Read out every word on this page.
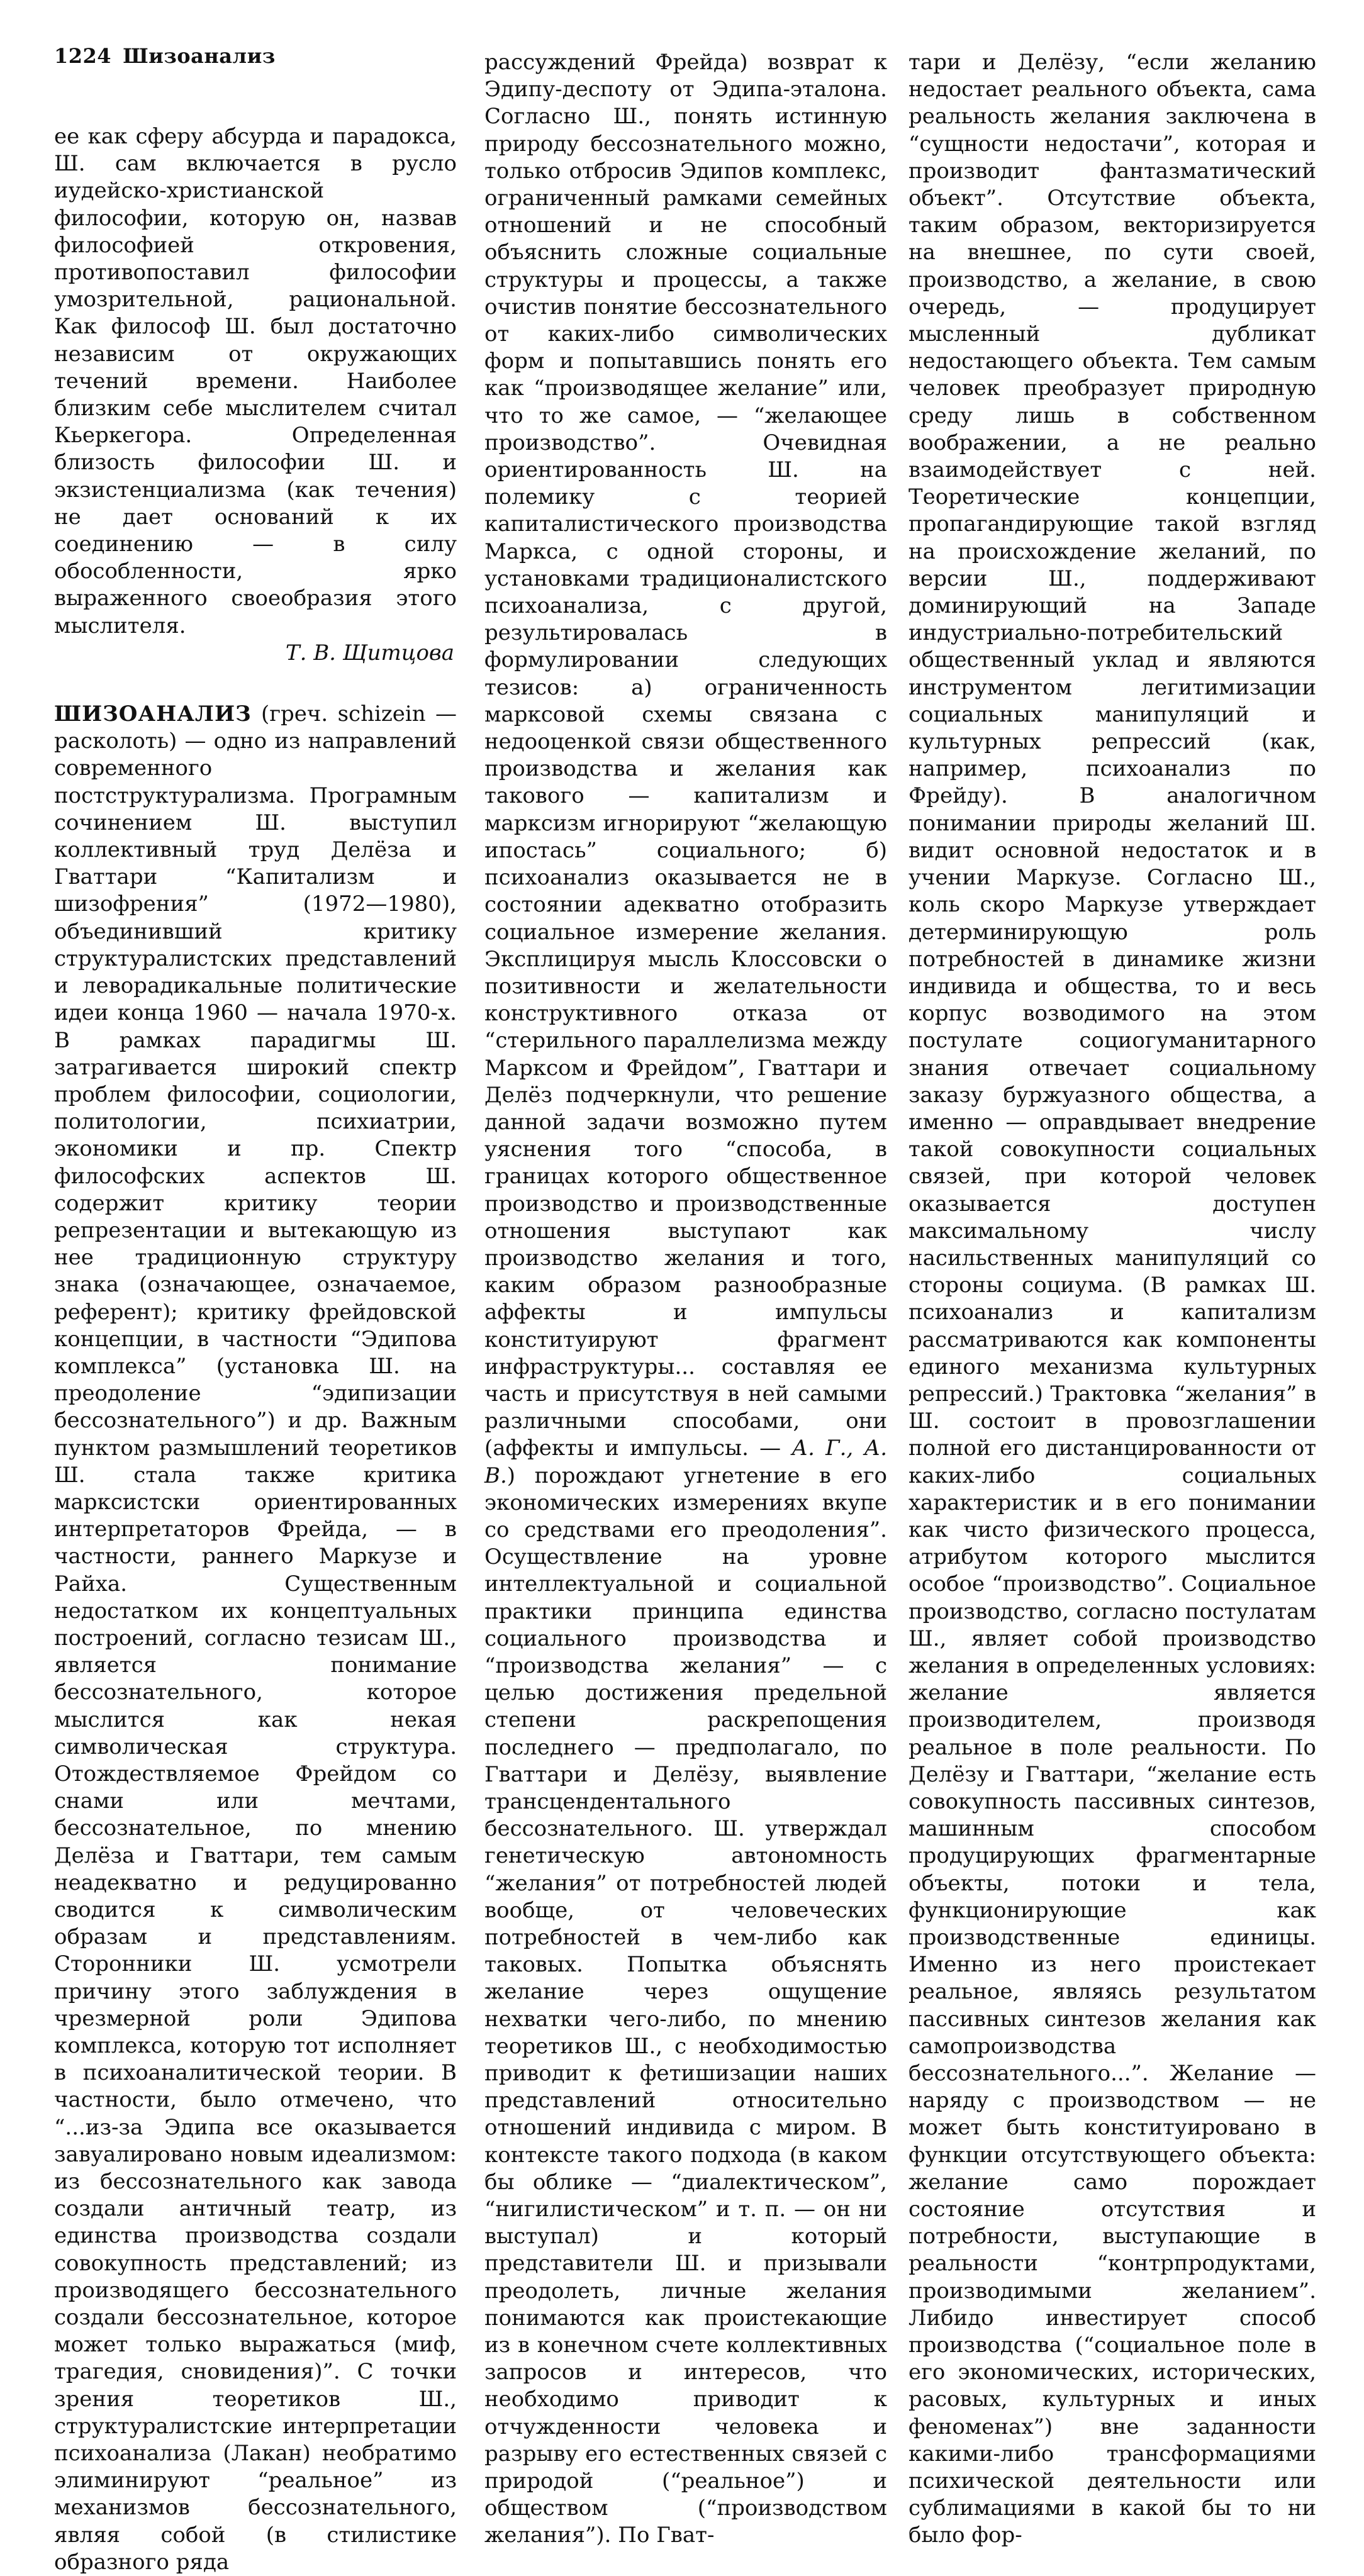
1224 Шизоанализ

ее как сферу абсурда и парадокса, Ш. сам включается в русло иудейско-христианской философии, которую он, назвав философией откровения, противопоставил философии умозрительной, рациональной. Как философ Ш. был достаточно независим от окружающих течений времени. Наиболее близким себе мыслителем считал Кьеркегора. Определенная близость философии Ш. и экзистенциализма (как течения) не дает оснований к их соединению — в силу обособленности, ярко выраженного своеобразия этого мыслителя.

Т. В. Щитцова

ШИЗОАНАЛИЗ (греч. schizein — расколоть) — одно из направлений современного постструктурализма. Програмным сочинением Ш. выступил коллективный труд Делёза и Гваттари “Капитализм и шизофрения” (1972—1980), объединивший критику структуралистских представлений и леворадикальные политические идеи конца 1960 — начала 1970-х. В рамках парадигмы Ш. затрагивается широкий спектр проблем философии, социологии, политологии, психиатрии, экономики и пр. Спектр философских аспектов Ш. содержит критику теории репрезентации и вытекающую из нее традиционную структуру знака (означающее, означаемое, референт); критику фрейдовской концепции, в частности “Эдипова комплекса” (установка Ш. на преодоление “эдипизации бессознательного”) и др. Важным пунктом размышлений теоретиков Ш. стала также критика марксистски ориентированных интерпретаторов Фрейда, — в частности, раннего Маркузе и Райха. Существенным недостатком их концептуальных построений, согласно тезисам Ш., является понимание бессознательного, которое мыслится как некая символическая структура. Отождествляемое Фрейдом со снами или мечтами, бессознательное, по мнению Делёза и Гваттари, тем самым неадекватно и редуцированно сводится к символическим образам и представлениям. Сторонники Ш. усмотрели причину этого заблуждения в чрезмерной роли Эдипова комплекса, которую тот исполняет в психоаналитической теории. В частности, было отмечено, что “...из-за Эдипа все оказывается завуалировано новым идеализмом: из бессознательного как завода создали античный театр, из единства производства создали совокупность представлений; из производящего бессознательного создали бессознательное, которое может только выражаться (миф, трагедия, сновидения)”. С точки зрения теоретиков Ш., структуралистские интерпретации психоанализа (Лакан) необратимо элиминируют “реальное” из механизмов бессознательного, являя собой (в стилистике образного ряда

рассуждений Фрейда) возврат к Эдипу-деспоту от Эдипа-эталона. Согласно Ш., понять истинную природу бессознательного можно, только отбросив Эдипов комплекс, ограниченный рамками семейных отношений и не способный объяснить сложные социальные структуры и процессы, а также очистив понятие бессознательного от каких-либо символических форм и попытавшись понять его как “производящее желание” или, что то же самое, — “желающее производство”. Очевидная ориентированность Ш. на полемику с теорией капиталистического производства Маркса, с одной стороны, и установками традиционалистского психоанализа, с другой, результировалась в формулировании следующих тезисов: а) ограниченность марксовой схемы связана с недооценкой связи общественного производства и желания как такового — капитализм и марксизм игнорируют “желающую ипостась” социального; б) психоанализ оказывается не в состоянии адекватно отобразить социальное измерение желания. Эксплицируя мысль Клоссовски о позитивности и желательности конструктивного отказа от “стерильного параллелизма между Марксом и Фрейдом”, Гваттари и Делёз подчеркнули, что решение данной задачи возможно путем уяснения того “способа, в границах которого общественное производство и производственные отношения выступают как производство желания и того, каким образом разнообразные аффекты и импульсы конституируют фрагмент инфраструктуры... составляя ее часть и присутствуя в ней самыми различными способами, они (аффекты и импульсы. — А. Г., А. В.) порождают угнетение в его экономических измерениях вкупе со средствами его преодоления”. Осуществление на уровне интеллектуальной и социальной практики принципа единства социального производства и “производства желания” — с целью достижения предельной степени раскрепощения последнего — предполагало, по Гваттари и Делёзу, выявление трансцендентального бессознательного. Ш. утверждал генетическую автономность “желания” от потребностей людей вообще, от человеческих потребностей в чем-либо как таковых. Попытка объяснять желание через ощущение нехватки чего-либо, по мнению теоретиков Ш., с необходимостью приводит к фетишизации наших представлений относительно отношений индивида с миром. В контексте такого подхода (в каком бы облике — “диалектическом”, “нигилистическом” и т. п. — он ни выступал) и который представители Ш. и призывали преодолеть, личные желания понимаются как проистекающие из в конечном счете коллективных запросов и интересов, что необходимо приводит к отчужденности человека и разрыву его естественных связей с природой (“реальное”) и обществом (“производством желания”). По Гват-

тари и Делёзу, “если желанию недостает реального объекта, сама реальность желания заключена в “сущности недостачи”, которая и производит фантазматический объект”. Отсутствие объекта, таким образом, векторизируется на внешнее, по сути своей, производство, а желание, в свою очередь, — продуцирует мысленный дубликат недостающего объекта. Тем самым человек преобразует природную среду лишь в собственном воображении, а не реально взаимодействует с ней. Теоретические концепции, пропагандирующие такой взгляд на происхождение желаний, по версии Ш., поддерживают доминирующий на Западе индустриально-потребительский общественный уклад и являются инструментом легитимизации социальных манипуляций и культурных репрессий (как, например, психоанализ по Фрейду). В аналогичном понимании природы желаний Ш. видит основной недостаток и в учении Маркузе. Согласно Ш., коль скоро Маркузе утверждает детерминирующую роль потребностей в динамике жизни индивида и общества, то и весь корпус возводимого на этом постулате социогуманитарного знания отвечает социальному заказу буржуазного общества, а именно — оправдывает внедрение такой совокупности социальных связей, при которой человек оказывается доступен максимальному числу насильственных манипуляций со стороны социума. (В рамках Ш. психоанализ и капитализм рассматриваются как компоненты единого механизма культурных репрессий.) Трактовка “желания” в Ш. состоит в провозглашении полной его дистанцированности от каких-либо социальных характеристик и в его понимании как чисто физического процесса, атрибутом которого мыслится особое “производство”. Социальное производство, согласно постулатам Ш., являет собой производство желания в определенных условиях: желание является производителем, производя реальное в поле реальности. По Делёзу и Гваттари, “желание есть совокупность пассивных синтезов, машинным способом продуцирующих фрагментарные объекты, потоки и тела, функционирующие как производственные единицы. Именно из него проистекает реальное, являясь результатом пассивных синтезов желания как самопроизводства бессознательного...”. Желание — наряду с производством — не может быть конституировано в функции отсутствующего объекта: желание само порождает состояние отсутствия и потребности, выступающие в реальности “контрпродуктами, производимыми желанием”. Либидо инвестирует способ производства (“социальное поле в его экономических, исторических, расовых, культурных и иных феноменах”) вне заданности какими-либо трансформациями психической деятельности или сублимациями в какой бы то ни было фор-
